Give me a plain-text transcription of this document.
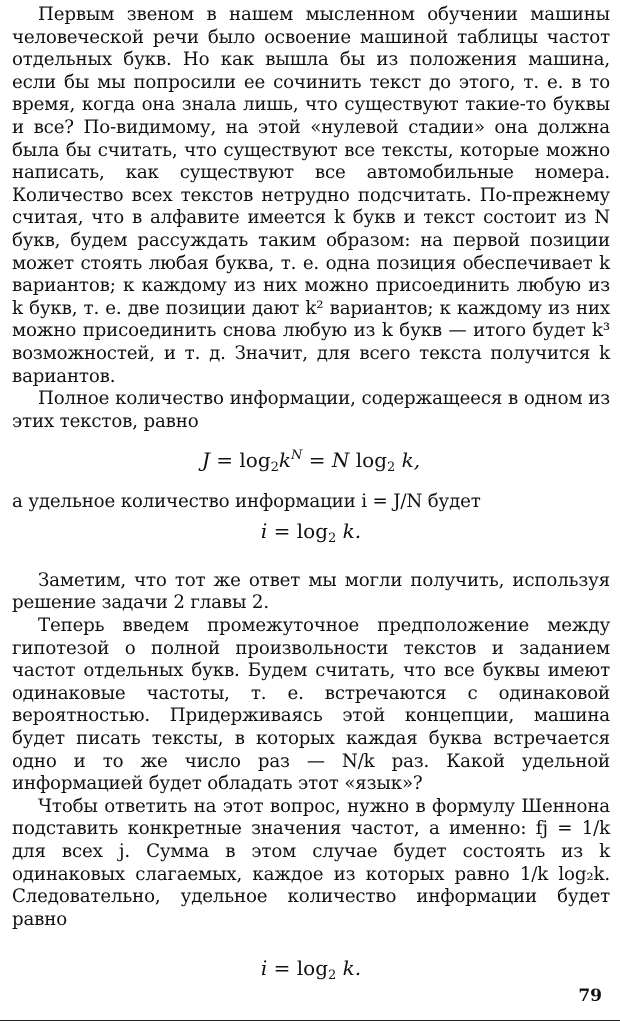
Первым звеном в нашем мысленном обучении машины человеческой речи было освоение машиной таблицы частот отдельных букв. Но как вышла бы из положения машина, если бы мы попросили ее сочинить текст до этого, т. е. в то время, когда она знала лишь, что существуют такие-то буквы и все? По-видимому, на этой «нулевой стадии» она должна была бы считать, что существуют все тексты, которые можно написать, как существуют все автомобильные номера. Количество всех текстов нетрудно подсчитать. По-прежнему считая, что в алфавите имеется k букв и текст состоит из N букв, будем рассуждать таким образом: на первой позиции может стоять любая буква, т. е. одна позиция обеспечивает k вариантов; к каждому из них можно присоединить любую из k букв, т. е. две позиции дают k² вариантов; к каждому из них можно присоединить снова любую из k букв — итого будет k³ возможностей, и т. д. Значит, для всего текста получится k вариантов.

Полное количество информации, содержащееся в одном из этих текстов, равно

$J = \log_2k^N = N$ $\log_2 k$,

а удельное количество информации i = J/N будет

$i = \log_2 k$.

Заметим, что тот же ответ мы могли получить, используя решение задачи 2 главы 2.

Теперь введем промежуточное предположение между гипотезой о полной произвольности текстов и заданием частот отдельных букв. Будем считать, что все буквы имеют одинаковые частоты, т. е. встречаются с одинаковой вероятностью. Придерживаясь этой концепции, машина будет писать тексты, в которых каждая буква встречается одно и то же число раз — N/k раз. Какой удельной информацией будет обладать этот «язык»?

Чтобы ответить на этот вопрос, нужно в формулу Шеннона подставить конкретные значения частот, а именно: fj = 1/k для всех j. Сумма в этом случае будет состоять из k одинаковых слагаемых, каждое из которых равно 1/k log₂k. Следовательно, удельное количество информации будет равно

$i = \log_2 k$.
79
